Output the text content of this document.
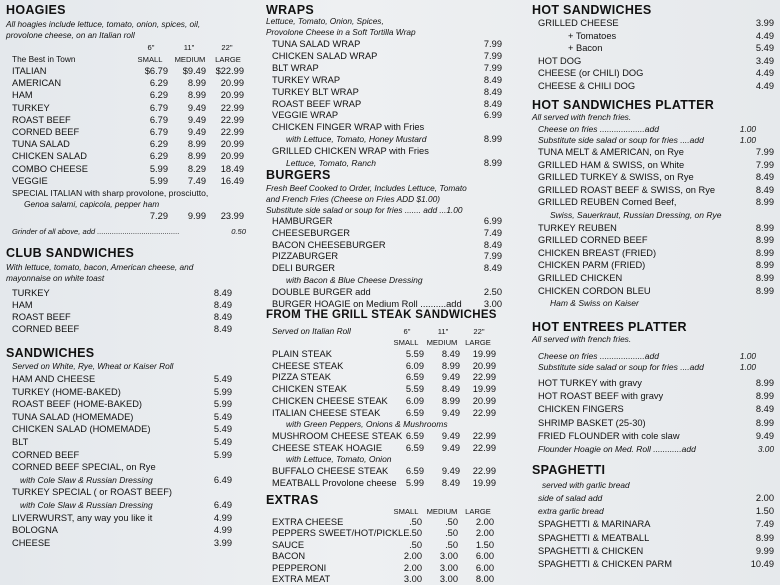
HOAGIES
All hoagies include lettuce, tomato, onion, spices, oil,
provolone cheese, on an Italian roll
6"	11"	22"
The Best in Town	SMALL	MEDIUM	LARGE
ITALIAN	$6.79	$9.49	$22.99
AMERICAN	6.29	8.99	20.99
HAM	6.29	8.99	20.99
TURKEY	6.79	9.49	22.99
ROAST BEEF	6.79	9.49	22.99
CORNED BEEF	6.79	9.49	22.99
TUNA SALAD	6.29	8.99	20.99
CHICKEN SALAD	6.29	8.99	20.99
COMBO CHEESE	5.99	8.29	18.49
VEGGIE	5.99	7.49	16.49
SPECIAL ITALIAN with sharp provolone, prosciutto,
Genoa salami, capicola, pepper ham
7.29	9.99	23.99
Grinder of all above, add .......................................	0.50
CLUB SANDWICHES
With lettuce, tomato, bacon, American cheese, and
mayonnaise on white toast
TURKEY	8.49
HAM	8.49
ROAST BEEF	8.49
CORNED BEEF	8.49
SANDWICHES
Served on White, Rye, Wheat or Kaiser Roll
HAM AND CHEESE	5.49
TURKEY (HOME-BAKED)	5.99
ROAST BEEF (HOME-BAKED)	5.99
TUNA SALAD (HOMEMADE)	5.49
CHICKEN SALAD (HOMEMADE)	5.49
BLT	5.49
CORNED BEEF	5.99
CORNED BEEF SPECIAL, on Rye
with Cole Slaw & Russian Dressing	6.49
TURKEY SPECIAL ( or ROAST BEEF)
with Cole Slaw & Russian Dressing	6.49
LIVERWURST, any way you like it	4.99
BOLOGNA	4.99
CHEESE	3.99
WRAPS
Lettuce, Tomato, Onion, Spices,
Provolone Cheese in a Soft Tortilla Wrap
TUNA SALAD WRAP	7.99
CHICKEN SALAD WRAP	7.99
BLT WRAP	7.99
TURKEY WRAP	8.49
TURKEY BLT WRAP	8.49
ROAST BEEF WRAP	8.49
VEGGIE WRAP	6.99
CHICKEN FINGER WRAP with Fries
with Lettuce, Tomato, Honey Mustard	8.99
GRILLED CHICKEN WRAP with Fries
Lettuce, Tomato, Ranch	8.99
BURGERS
Fresh Beef Cooked to Order, Includes Lettuce, Tomato
and French Fries (Cheese on Fries ADD $1.00)
Substitute side salad or soup for fries ....... add ...1.00
HAMBURGER	6.99
CHEESEBURGER	7.49
BACON CHEESEBURGER	8.49
PIZZABURGER	7.99
DELI BURGER	8.49
with Bacon & Blue Cheese Dressing
DOUBLE BURGER add	2.50
BURGER HOAGIE on Medium Roll ..........add	3.00
FROM THE GRILL STEAK SANDWICHES
Served on Italian Roll	6"	11"	22"
SMALL	MEDIUM	LARGE
PLAIN STEAK	5.59	8.49	19.99
CHEESE STEAK	6.09	8.99	20.99
PIZZA STEAK	6.59	9.49	22.99
CHICKEN STEAK	5.59	8.49	19.99
CHICKEN CHEESE STEAK	6.09	8.99	20.99
ITALIAN CHEESE STEAK	6.59	9.49	22.99
with Green Peppers, Onions & Mushrooms
MUSHROOM CHEESE STEAK 6.59	9.49	22.99
CHEESE STEAK HOAGIE	6.59	9.49	22.99
with Lettuce, Tomato, Onion
BUFFALO CHEESE STEAK	6.59	9.49	22.99
MEATBALL Provolone cheese	5.99	8.49	19.99
EXTRAS
SMALL	MEDIUM	LARGE
EXTRA CHEESE	.50	.50	2.00
PEPPERS SWEET/HOT/PICKLE .50	.50	2.00
SAUCE	.50	.50	1.50
BACON	2.00	3.00	6.00
PEPPERONI	2.00	3.00	6.00
EXTRA MEAT	3.00	3.00	8.00
HOT SANDWICHES
GRILLED CHEESE	3.99
+ Tomatoes	4.49
+ Bacon	5.49
HOT DOG	3.49
CHEESE (or CHILI) DOG	4.49
CHEESE & CHILI DOG	4.49
HOT SANDWICHES PLATTER
All served with french fries.
Cheese on fries ...................add	1.00
Substitute side salad or soup for fries ....add	1.00
TUNA MELT & AMERICAN, on Rye	7.99
GRILLED HAM & SWISS, on White	7.99
GRILLED TURKEY & SWISS, on Rye	8.49
GRILLED ROAST BEEF & SWISS, on Rye	8.49
GRILLED REUBEN Corned Beef,	8.99
Swiss, Sauerkraut, Russian Dressing, on Rye
TURKEY REUBEN	8.99
GRILLED CORNED BEEF	8.99
CHICKEN BREAST (FRIED)	8.99
CHICKEN PARM (FRIED)	8.99
GRILLED CHICKEN	8.99
CHICKEN CORDON BLEU	8.99
Ham & Swiss on Kaiser
HOT ENTREES PLATTER
All served with french fries.
Cheese on fries ...................add	1.00
Substitute side salad or soup for fries ....add	1.00
HOT TURKEY with gravy	8.99
HOT ROAST BEEF with gravy	8.99
CHICKEN FINGERS	8.49
SHRIMP BASKET (25-30)	8.99
FRIED FLOUNDER with cole slaw	9.49
Flounder Hoagie on Med. Roll ............add	3.00
SPAGHETTI
served with garlic bread
side of salad add	2.00
extra garlic bread	1.50
SPAGHETTI & MARINARA	7.49
SPAGHETTI & MEATBALL	8.99
SPAGHETTI & CHICKEN	9.99
SPAGHETTI & CHICKEN PARM	10.49
